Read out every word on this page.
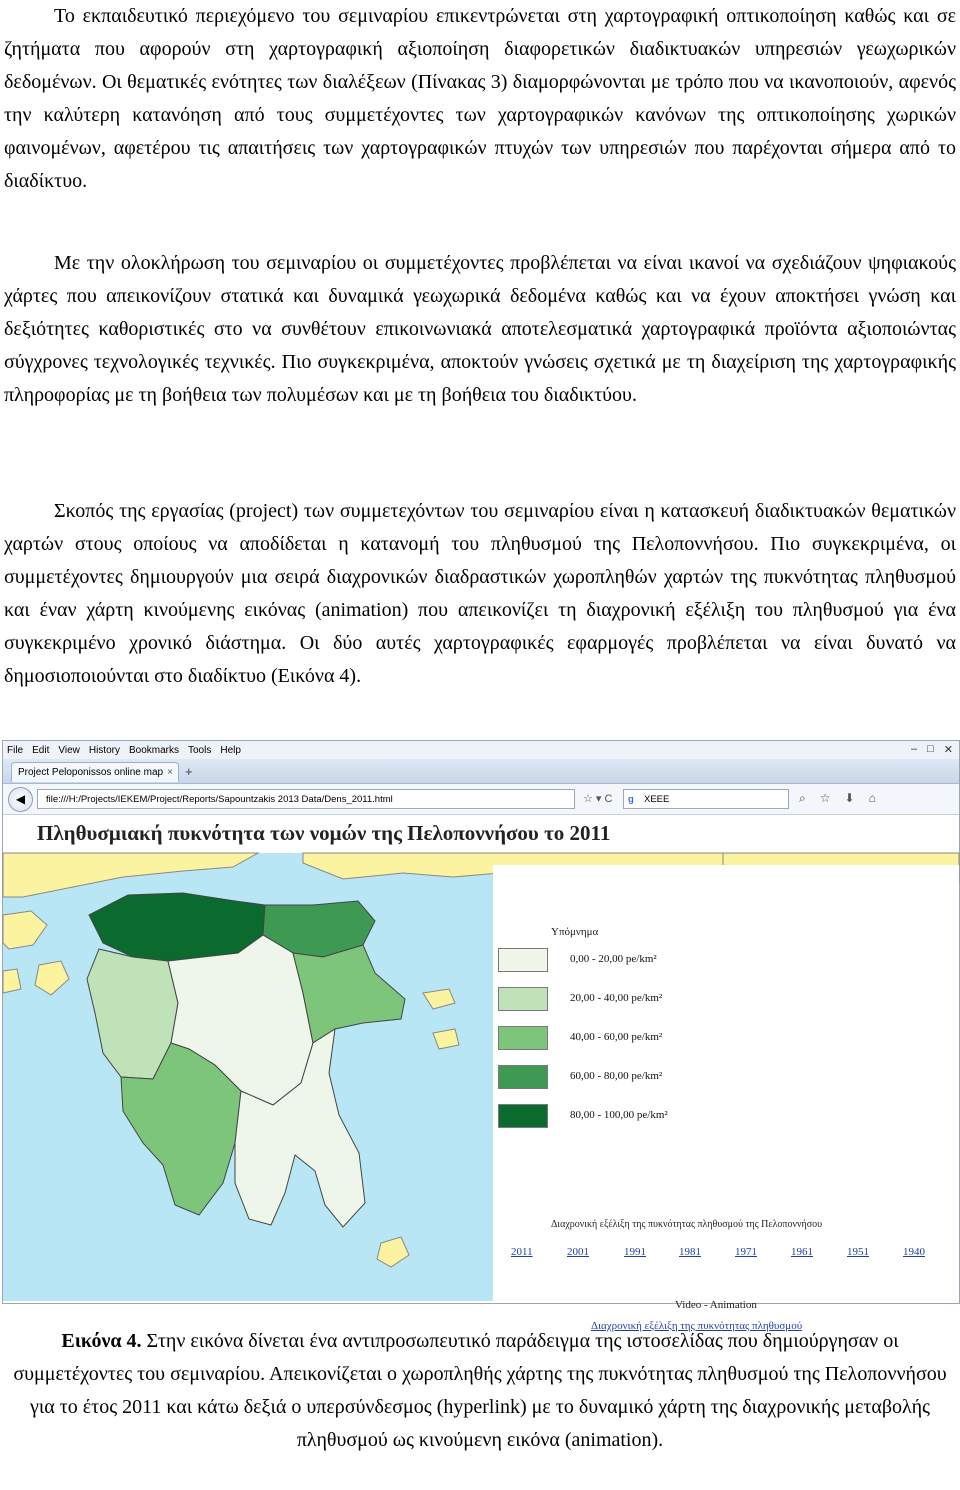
Το εκπαιδευτικό περιεχόμενο του σεμιναρίου επικεντρώνεται στη χαρτογραφική οπτικοποίηση καθώς και σε ζητήματα που αφορούν στη χαρτογραφική αξιοποίηση διαφορετικών διαδικτυακών υπηρεσιών γεωχωρικών δεδομένων. Οι θεματικές ενότητες των διαλέξεων (Πίνακας 3) διαμορφώνονται με τρόπο που να ικανοποιούν, αφενός την καλύτερη κατανόηση από τους συμμετέχοντες των χαρτογραφικών κανόνων της οπτικοποίησης χωρικών φαινομένων, αφετέρου τις απαιτήσεις των χαρτογραφικών πτυχών των υπηρεσιών που παρέχονται σήμερα από το διαδίκτυο.

Με την ολοκλήρωση του σεμιναρίου οι συμμετέχοντες προβλέπεται να είναι ικανοί να σχεδιάζουν ψηφιακούς χάρτες που απεικονίζουν στατικά και δυναμικά γεωχωρικά δεδομένα καθώς και να έχουν αποκτήσει γνώση και δεξιότητες καθοριστικές στο να συνθέτουν επικοινωνιακά αποτελεσματικά χαρτογραφικά προϊόντα αξιοποιώντας σύγχρονες τεχνολογικές τεχνικές. Πιο συγκεκριμένα, αποκτούν γνώσεις σχετικά με τη διαχείριση της χαρτογραφικής πληροφορίας με τη βοήθεια των πολυμέσων και με τη βοήθεια του διαδικτύου.

Σκοπός της εργασίας (project) των συμμετεχόντων του σεμιναρίου είναι η κατασκευή διαδικτυακών θεματικών χαρτών στους οποίους να αποδίδεται η κατανομή του πληθυσμού της Πελοποννήσου. Πιο συγκεκριμένα, οι συμμετέχοντες δημιουργούν μια σειρά διαχρονικών διαδραστικών χωροπληθών χαρτών της πυκνότητας πληθυσμού και έναν χάρτη κινούμενης εικόνας (animation) που απεικονίζει τη διαχρονική εξέλιξη του πληθυσμού για ένα συγκεκριμένο χρονικό διάστημα. Οι δύο αυτές χαρτογραφικές εφαρμογές προβλέπεται να είναι δυνατό να δημοσιοποιούνται στο διαδίκτυο (Εικόνα 4).

File Edit View History Bookmarks Tools Help	– □ ✕
Project Peloponissos online map × +
◀	file:///H:/Projects/IEKEM/Project/Reports/Sapountzakis 2013 Data/Dens_2011.html	☆ ▾ C g XEEE	⌕ ☆ ⬇ ⌂
Πληθυσμιακή πυκνότητα των νομών της Πελοποννήσου το 2011
Υπόμνημα
0,00 - 20,00 pe/km²
20,00 - 40,00 pe/km²
40,00 - 60,00 pe/km²
60,00 - 80,00 pe/km²
80,00 - 100,00 pe/km²
Διαχρονική εξέλιξη της πυκνότητας πληθυσμού της Πελοποννήσου
2011	2001	1991	1981	1971	1961	1951	1940
Video - Animation
Διαχρονική εξέλιξη της πυκνότητας πληθυσμού
Εικόνα 4. Στην εικόνα δίνεται ένα αντιπροσωπευτικό παράδειγμα της ιστοσελίδας που δημιούργησαν οι συμμετέχοντες του σεμιναρίου. Απεικονίζεται ο χωροπληθής χάρτης της πυκνότητας πληθυσμού της Πελοποννήσου για το έτος 2011 και κάτω δεξιά ο υπερσύνδεσμος (hyperlink) με το δυναμικό χάρτη της διαχρονικής μεταβολής πληθυσμού ως κινούμενη εικόνα (animation).
